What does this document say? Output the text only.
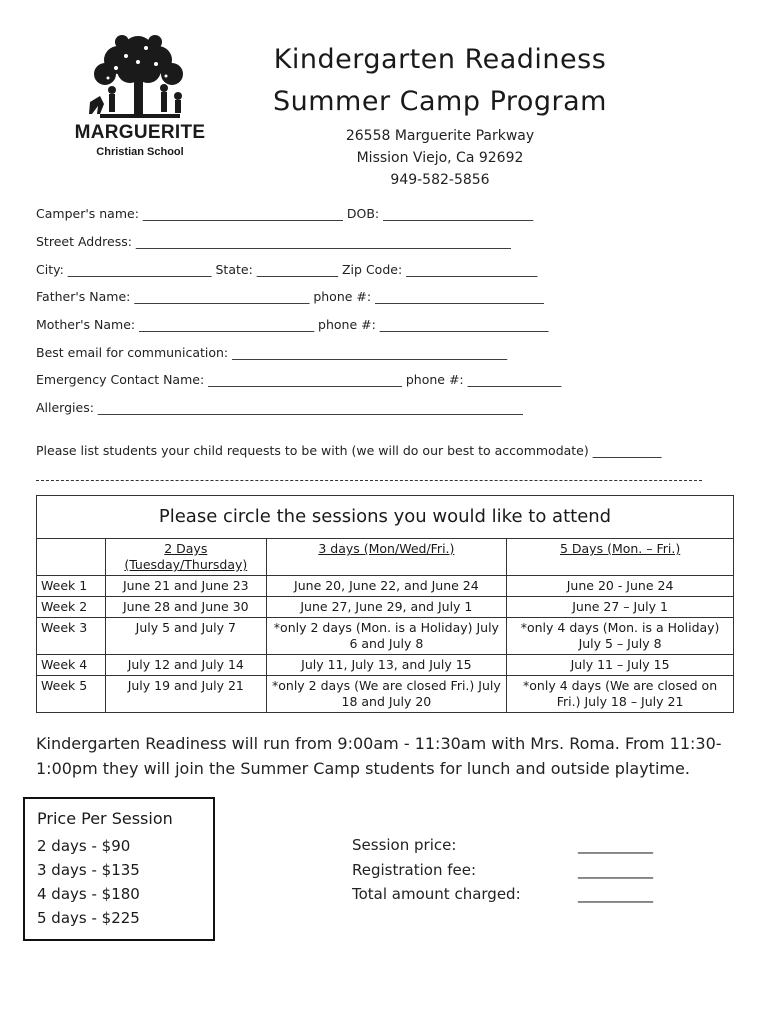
MARGUERITE
Christian School
Kindergarten Readiness
Summer Camp Program
26558 Marguerite Parkway
Mission Viejo, Ca 92692
949-582-5856
Camper's name: ________________________________ DOB: ________________________
Street Address: ____________________________________________________________
City: _______________________ State: _____________ Zip Code: _____________________
Father's Name: ____________________________ phone #: ___________________________
Mother's Name: ____________________________ phone #: ___________________________
Best email for communication: ____________________________________________
Emergency Contact Name: _______________________________ phone #: _______________
Allergies: ____________________________________________________________________
Please list students your child requests to be with (we will do our best to accommodate) ___________
Please circle the sessions you would like to attend			
	2 Days (Tuesday/Thursday)	3 days (Mon/Wed/Fri.)	5 Days (Mon. – Fri.)
Week 1	June 21 and June 23	June 20, June 22, and June 24	June 20 - June 24
Week 2	June 28 and June 30	June 27, June 29, and July 1	June 27 – July 1
Week 3	July 5 and July 7	*only 2 days (Mon. is a Holiday) July 6 and July 8	*only 4 days (Mon. is a Holiday) July 5 – July 8
Week 4	July 12 and July 14	July 11, July 13, and July 15	July 11 – July 15
Week 5	July 19 and July 21	*only 2 days (We are closed Fri.) July 18 and July 20	*only 4 days (We are closed on Fri.) July 18 – July 21
Kindergarten Readiness will run from 9:00am - 11:30am with Mrs. Roma. From 11:30-1:00pm they will join the Summer Camp students for lunch and outside playtime.
Price Per Session
2 days - $90
3 days - $135
4 days - $180
5 days - $225
Session price:	__________
Registration fee:	__________
Total amount charged:	__________
